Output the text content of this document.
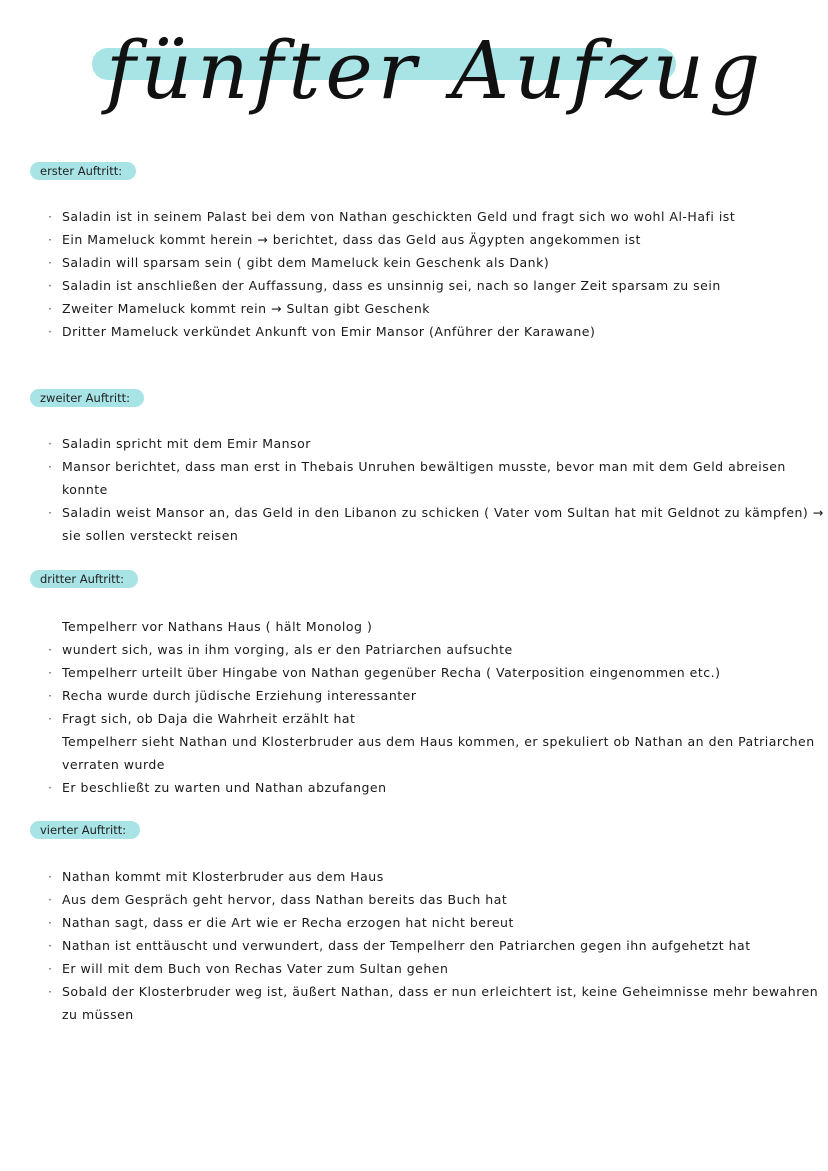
fünfter Aufzug
erster Auftritt:
· Saladin ist in seinem Palast bei dem von Nathan geschickten Geld und fragt sich wo wohl Al-Hafi ist
· Ein Mameluck kommt herein → berichtet, dass das Geld aus Ägypten angekommen ist
· Saladin will sparsam sein ( gibt dem Mameluck kein Geschenk als Dank)
· Saladin ist anschließen der Auffassung, dass es unsinnig sei, nach so langer Zeit sparsam zu sein
· Zweiter Mameluck kommt rein → Sultan gibt Geschenk
· Dritter Mameluck verkündet Ankunft von Emir Mansor (Anführer der Karawane)
zweiter Auftritt:
· Saladin spricht mit dem Emir Mansor
· Mansor berichtet, dass man erst in Thebais Unruhen bewältigen musste, bevor man mit dem Geld abreisen konnte
· Saladin weist Mansor an, das Geld in den Libanon zu schicken ( Vater vom Sultan hat mit Geldnot zu kämpfen) → sie sollen versteckt reisen
dritter Auftritt:
Tempelherr vor Nathans Haus ( hält Monolog )
· wundert sich, was in ihm vorging, als er den Patriarchen aufsuchte
· Tempelherr urteilt über Hingabe von Nathan gegenüber Recha ( Vaterposition eingenommen etc.)
· Recha wurde durch jüdische Erziehung interessanter
· Fragt sich, ob Daja die Wahrheit erzählt hat
Tempelherr sieht Nathan und Klosterbruder aus dem Haus kommen, er spekuliert ob Nathan an den Patriarchen verraten wurde
· Er beschließt zu warten und Nathan abzufangen
vierter Auftritt:
· Nathan kommt mit Klosterbruder aus dem Haus
· Aus dem Gespräch geht hervor, dass Nathan bereits das Buch hat
· Nathan sagt, dass er die Art wie er Recha erzogen hat nicht bereut
· Nathan ist enttäuscht und verwundert, dass der Tempelherr den Patriarchen gegen ihn aufgehetzt hat
· Er will mit dem Buch von Rechas Vater zum Sultan gehen
· Sobald der Klosterbruder weg ist, äußert Nathan, dass er nun erleichtert ist, keine Geheimnisse mehr bewahren zu müssen
